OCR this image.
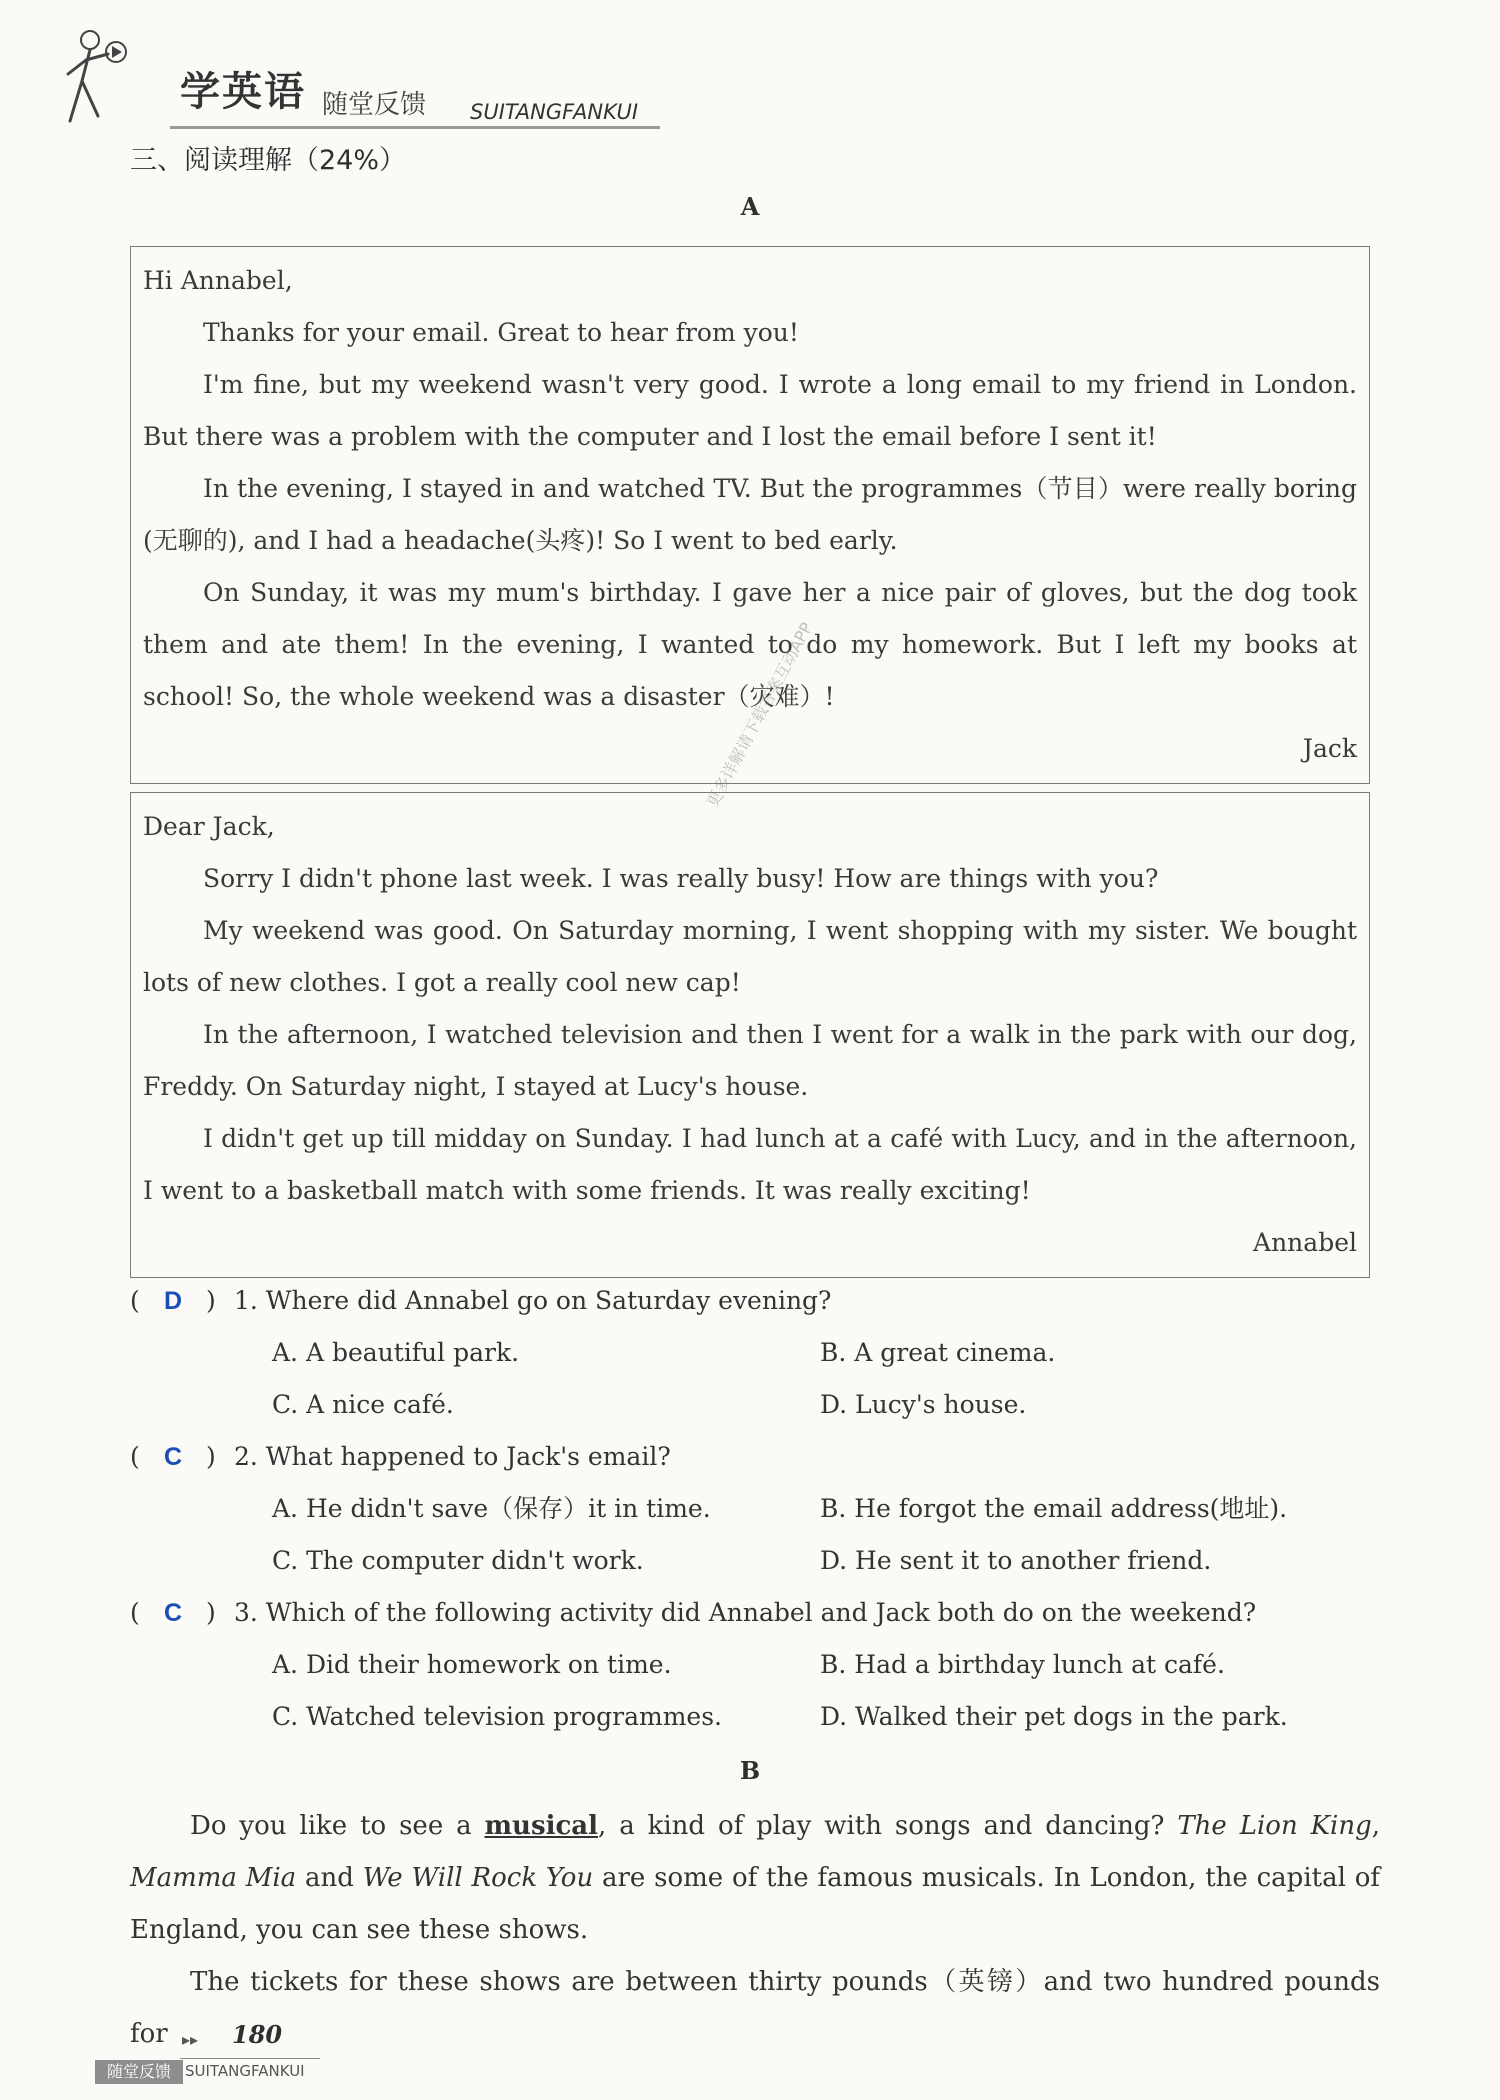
学英语 随堂反馈 SUITANGFANKUI
三、阅读理解（24%）
A

Hi Annabel,

Thanks for your email. Great to hear from you!

I'm fine, but my weekend wasn't very good. I wrote a long email to my friend in London. But there was a problem with the computer and I lost the email before I sent it!

In the evening, I stayed in and watched TV. But the programmes（节目）were really boring (无聊的), and I had a headache(头疼)! So I went to bed early.

On Sunday, it was my mum's birthday. I gave her a nice pair of gloves, but the dog took them and ate them! In the evening, I wanted to do my homework. But I left my books at school! So, the whole weekend was a disaster（灾难）!

Jack

Dear Jack,

Sorry I didn't phone last week. I was really busy! How are things with you?

My weekend was good. On Saturday morning, I went shopping with my sister. We bought lots of new clothes. I got a really cool new cap!

In the afternoon, I watched television and then I went for a walk in the park with our dog, Freddy. On Saturday night, I stayed at Lucy's house.

I didn't get up till midday on Sunday. I had lunch at a café with Lucy, and in the afternoon, I went to a basketball match with some friends. It was really exciting!

Annabel

( D ) 1. Where did Annabel go on Saturday evening?
A. A beautiful park.	B. A great cinema.
C. A nice café.	D. Lucy's house.
( C ) 2. What happened to Jack's email?
A. He didn't save（保存）it in time.	B. He forgot the email address(地址).
C. The computer didn't work.	D. He sent it to another friend.
( C ) 3. Which of the following activity did Annabel and Jack both do on the weekend?
A. Did their homework on time.	B. Had a birthday lunch at café.
C. Watched television programmes.	D. Walked their pet dogs in the park.
B

Do you like to see a musical, a kind of play with songs and dancing? The Lion King, Mamma Mia and We Will Rock You are some of the famous musicals. In London, the capital of England, you can see these shows.

The tickets for these shows are between thirty pounds（英镑）and two hundred pounds for

更多详解请下载答案互动APP
▸▸ 180
随堂反馈 SUITANGFANKUI
